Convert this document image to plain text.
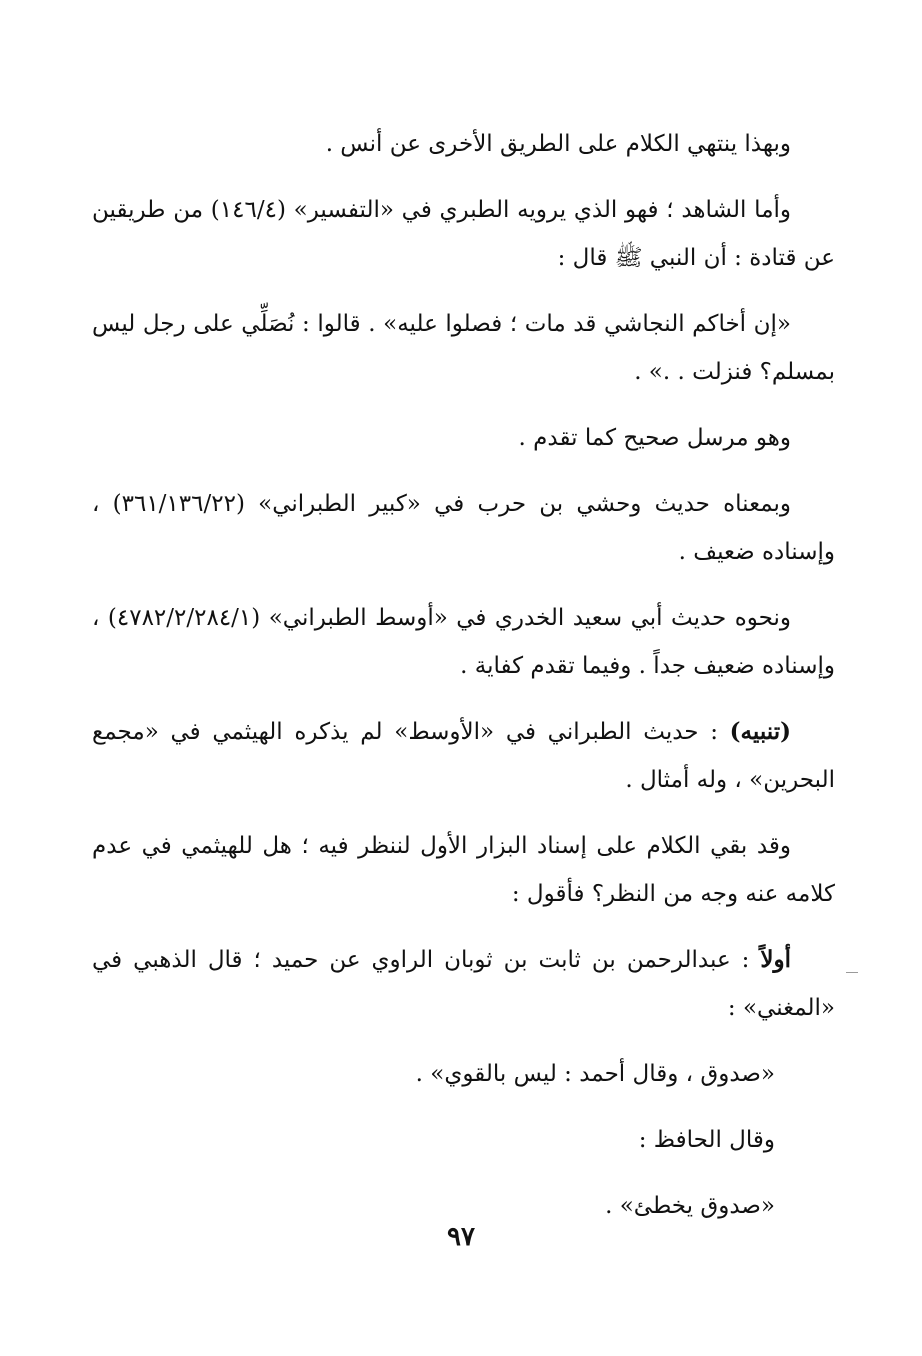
وبهذا ينتهي الكلام على الطريق الأخرى عن أنس .

وأما الشاهد ؛ فهو الذي يرويه الطبري في «التفسير» (١٤٦/٤) من طريقين عن قتادة : أن النبي ﷺ قال :

«إن أخاكم النجاشي قد مات ؛ فصلوا عليه» . قالوا : نُصَلِّي على رجل ليس بمسلم؟ فنزلت . .» .

وهو مرسل صحيح كما تقدم .

وبمعناه حديث وحشي بن حرب في «كبير الطبراني» (٣٦١/١٣٦/٢٢) ، وإسناده ضعيف .

ونحوه حديث أبي سعيد الخدري في «أوسط الطبراني» (٤٧٨٢/٢/٢٨٤/١) ، وإسناده ضعيف جداً . وفيما تقدم كفاية .

(تنبيه) : حديث الطبراني في «الأوسط» لم يذكره الهيثمي في «مجمع البحرين» ، وله أمثال .

وقد بقي الكلام على إسناد البزار الأول لننظر فيه ؛ هل للهيثمي في عدم كلامه عنه وجه من النظر؟ فأقول :

أولاً : عبدالرحمن بن ثابت بن ثوبان الراوي عن حميد ؛ قال الذهبي في «المغني» :

«صدوق ، وقال أحمد : ليس بالقوي» .

وقال الحافظ :

«صدوق يخطئ» .

٩٧
